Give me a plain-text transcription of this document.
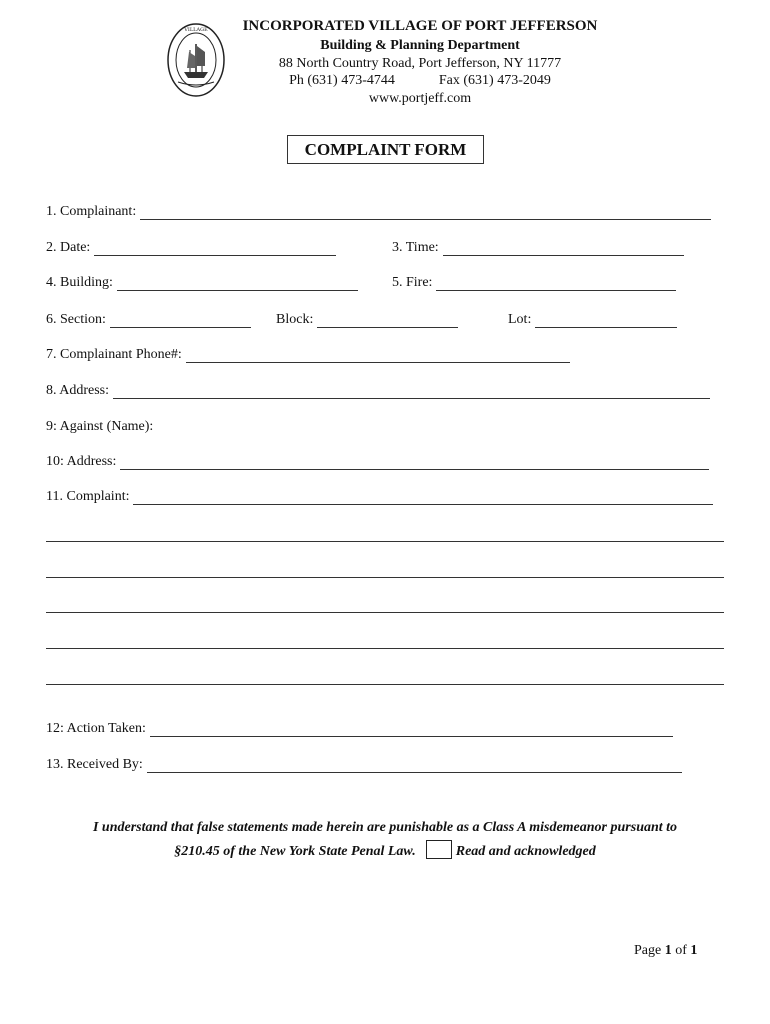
VILLAGE	INCORPORATED VILLAGE OF PORT JEFFERSON
Building & Planning Department
88 North Country Road, Port Jefferson, NY 11777
Ph (631) 473-4744	Fax (631) 473-2049
www.portjeff.com
COMPLAINT FORM
1. Complainant:
2. Date:	3. Time:
4. Building:	5. Fire:
6. Section:	Block:	Lot:
7. Complainant Phone#:
8. Address:
9: Against (Name):
10: Address:
11. Complaint:
12: Action Taken:
13. Received By:
I understand that false statements made herein are punishable as a Class A misdemeanor pursuant to
§210.45 of the New York State Penal Law.	Read and acknowledged
Page 1 of 1
